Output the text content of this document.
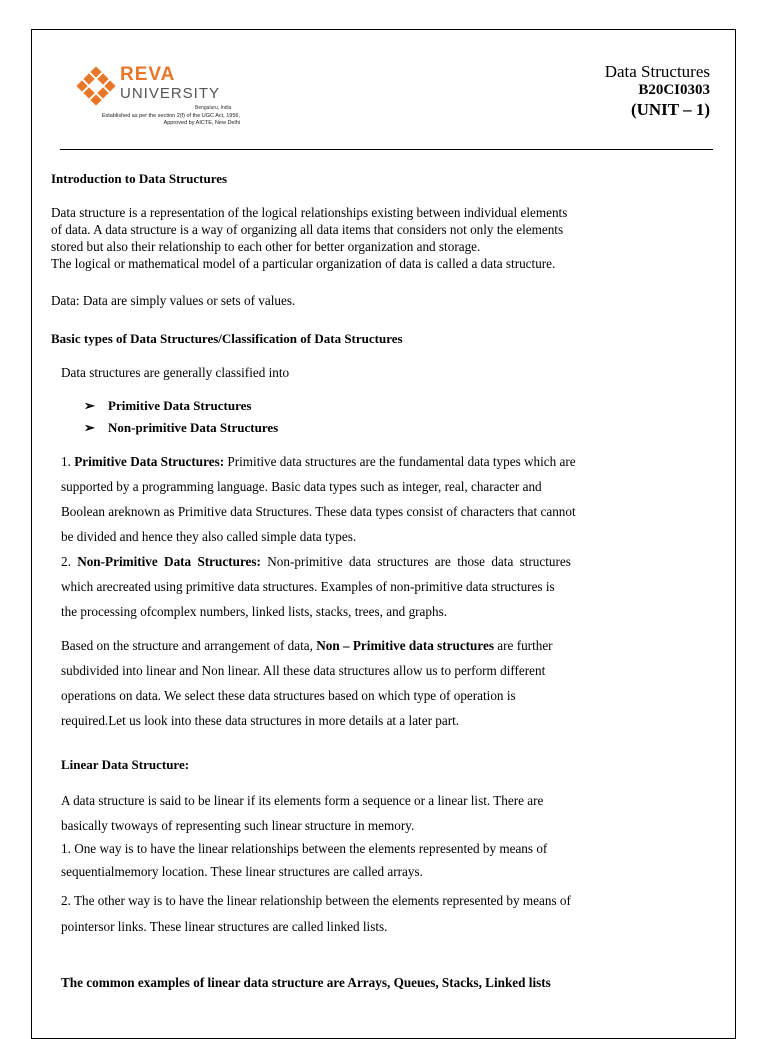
REVA
UNIVERSITY
Bengaluru, India
Established as per the section 2(f) of the UGC Act, 1956,
Approved by AICTE, New Delhi
Data Structures
B20CI0303
(UNIT – 1)
Introduction to Data Structures
Data structure is a representation of the logical relationships existing between individual elements
of data. A data structure is a way of organizing all data items that considers not only the elements
stored but also their relationship to each other for better organization and storage.
The logical or mathematical model of a particular organization of data is called a data structure.
Data: Data are simply values or sets of values.
Basic types of Data Structures/Classification of Data Structures
Data structures are generally classified into
➢ Primitive Data Structures
➢ Non-primitive Data Structures
1. Primitive Data Structures: Primitive data structures are the fundamental data types which are
supported by a programming language. Basic data types such as integer, real, character and
Boolean areknown as Primitive data Structures. These data types consist of characters that cannot
be divided and hence they also called simple data types.
2. Non-Primitive Data Structures: Non-primitive data structures are those data structures
which arecreated using primitive data structures. Examples of non-primitive data structures is
the processing ofcomplex numbers, linked lists, stacks, trees, and graphs.
Based on the structure and arrangement of data, Non – Primitive data structures are further
subdivided into linear and Non linear. All these data structures allow us to perform different
operations on data. We select these data structures based on which type of operation is
required.Let us look into these data structures in more details at a later part.
Linear Data Structure:
A data structure is said to be linear if its elements form a sequence or a linear list. There are
basically twoways of representing such linear structure in memory.
1. One way is to have the linear relationships between the elements represented by means of
sequentialmemory location. These linear structures are called arrays.
2. The other way is to have the linear relationship between the elements represented by means of
pointersor links. These linear structures are called linked lists.
The common examples of linear data structure are Arrays, Queues, Stacks, Linked lists
